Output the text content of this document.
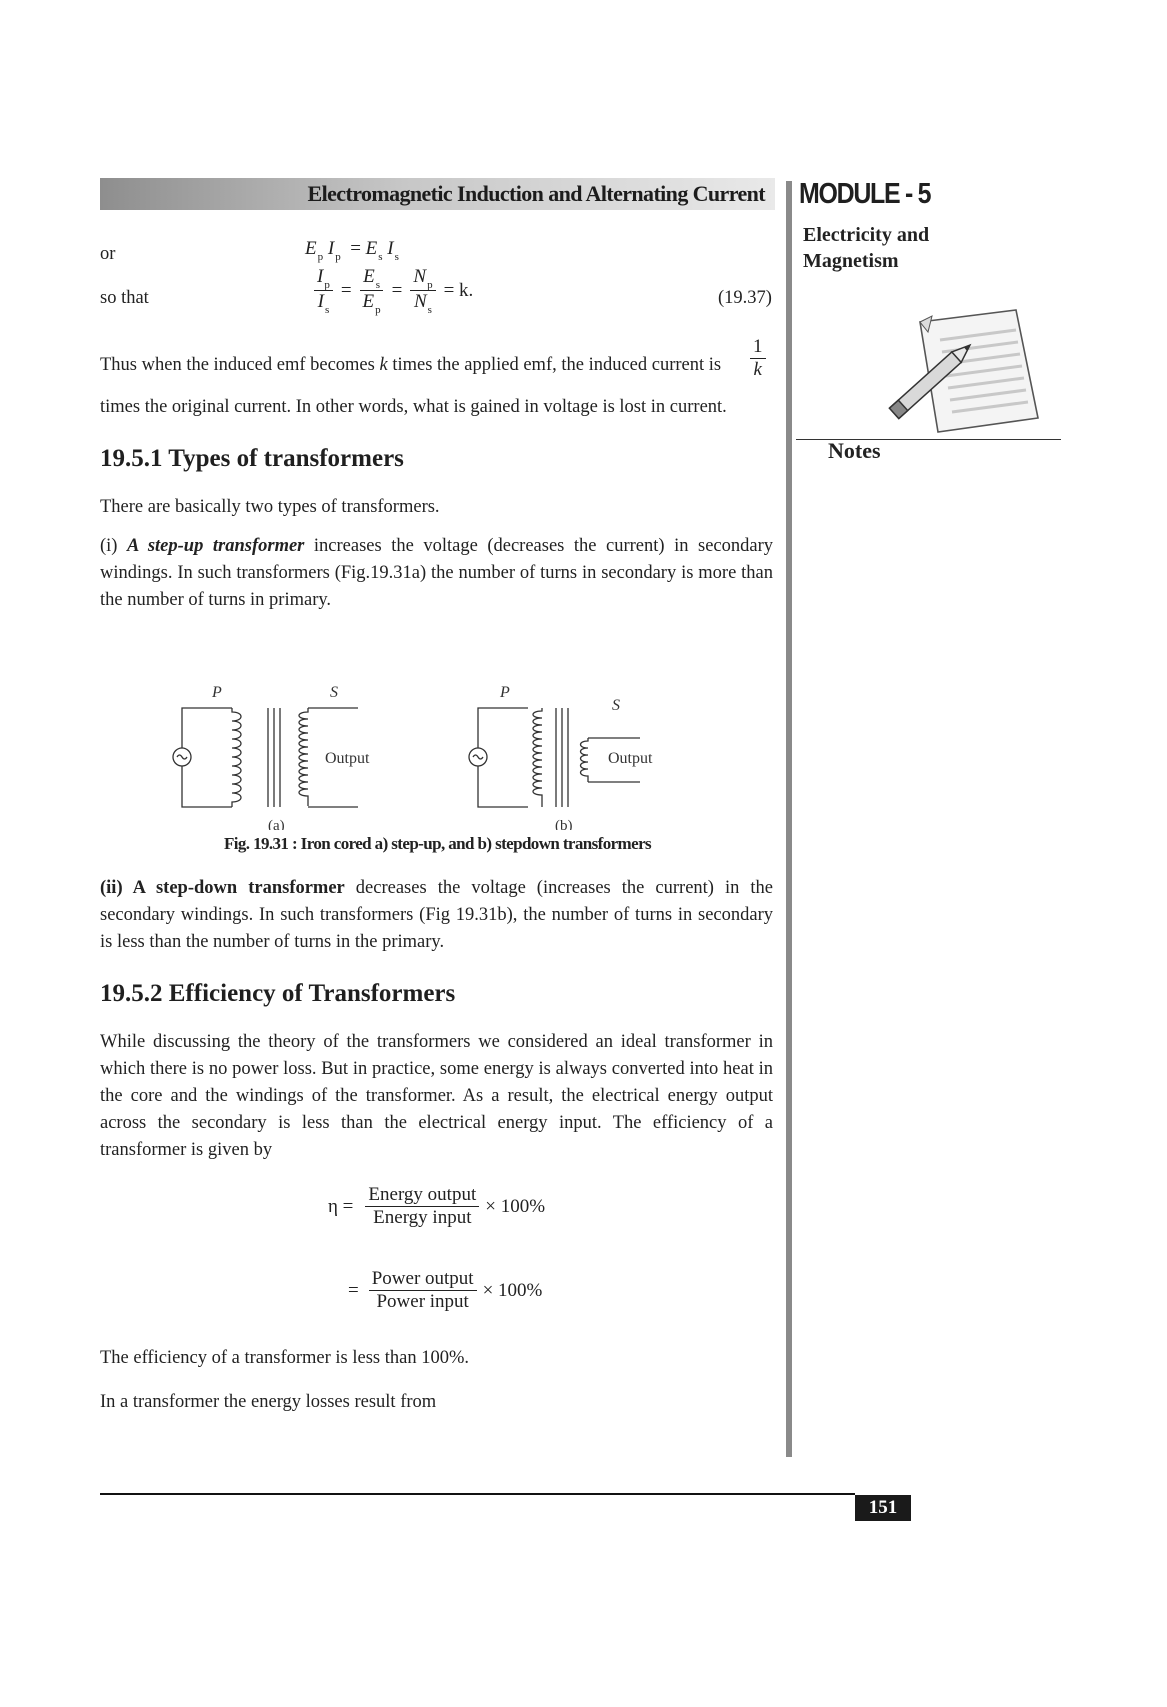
Electromagnetic Induction and Alternating Current MODULE - 5
Electricity and
Magnetism
Notes
or	$E_p$ $I_p = E_s$ $I_s$
so that	$\frac{I_p}{I_s} = \frac{E_s}{E_p} = \frac{N_p}{N_s} = k$.	(19.37)
Thus when the induced emf becomes k times the applied emf, the induced current is	$\frac{1}{k}$
times the original current. In other words, what is gained in voltage is lost in current.
19.5.1 Types of transformers
There are basically two types of transformers.
(i) A step-up transformer increases the voltage (decreases the current) in secondary windings. In such transformers (Fig.19.31a) the number of turns in secondary is more than the number of turns in primary.
P	S
Output
(a)
P
S
Output
(b)
Fig. 19.31 : Iron cored a) step-up, and b) stepdown transformers
(ii) A step-down transformer decreases the voltage (increases the current) in the secondary windings. In such transformers (Fig 19.31b), the number of turns in secondary is less than the number of turns in the primary.
19.5.2 Efficiency of Transformers
While discussing the theory of the transformers we considered an ideal transformer in which there is no power loss. But in practice, some energy is always converted into heat in the core and the windings of the transformer. As a result, the electrical energy output across the secondary is less than the electrical energy input. The efficiency of a transformer is given by
$\eta = \frac{\text{Energy output}}{\text{Energy input}} \times 100\%$
= $\frac{\text{Power output}}{\text{Power input}} \times 100\%$
The efficiency of a transformer is less than 100%.
In a transformer the energy losses result from
151
